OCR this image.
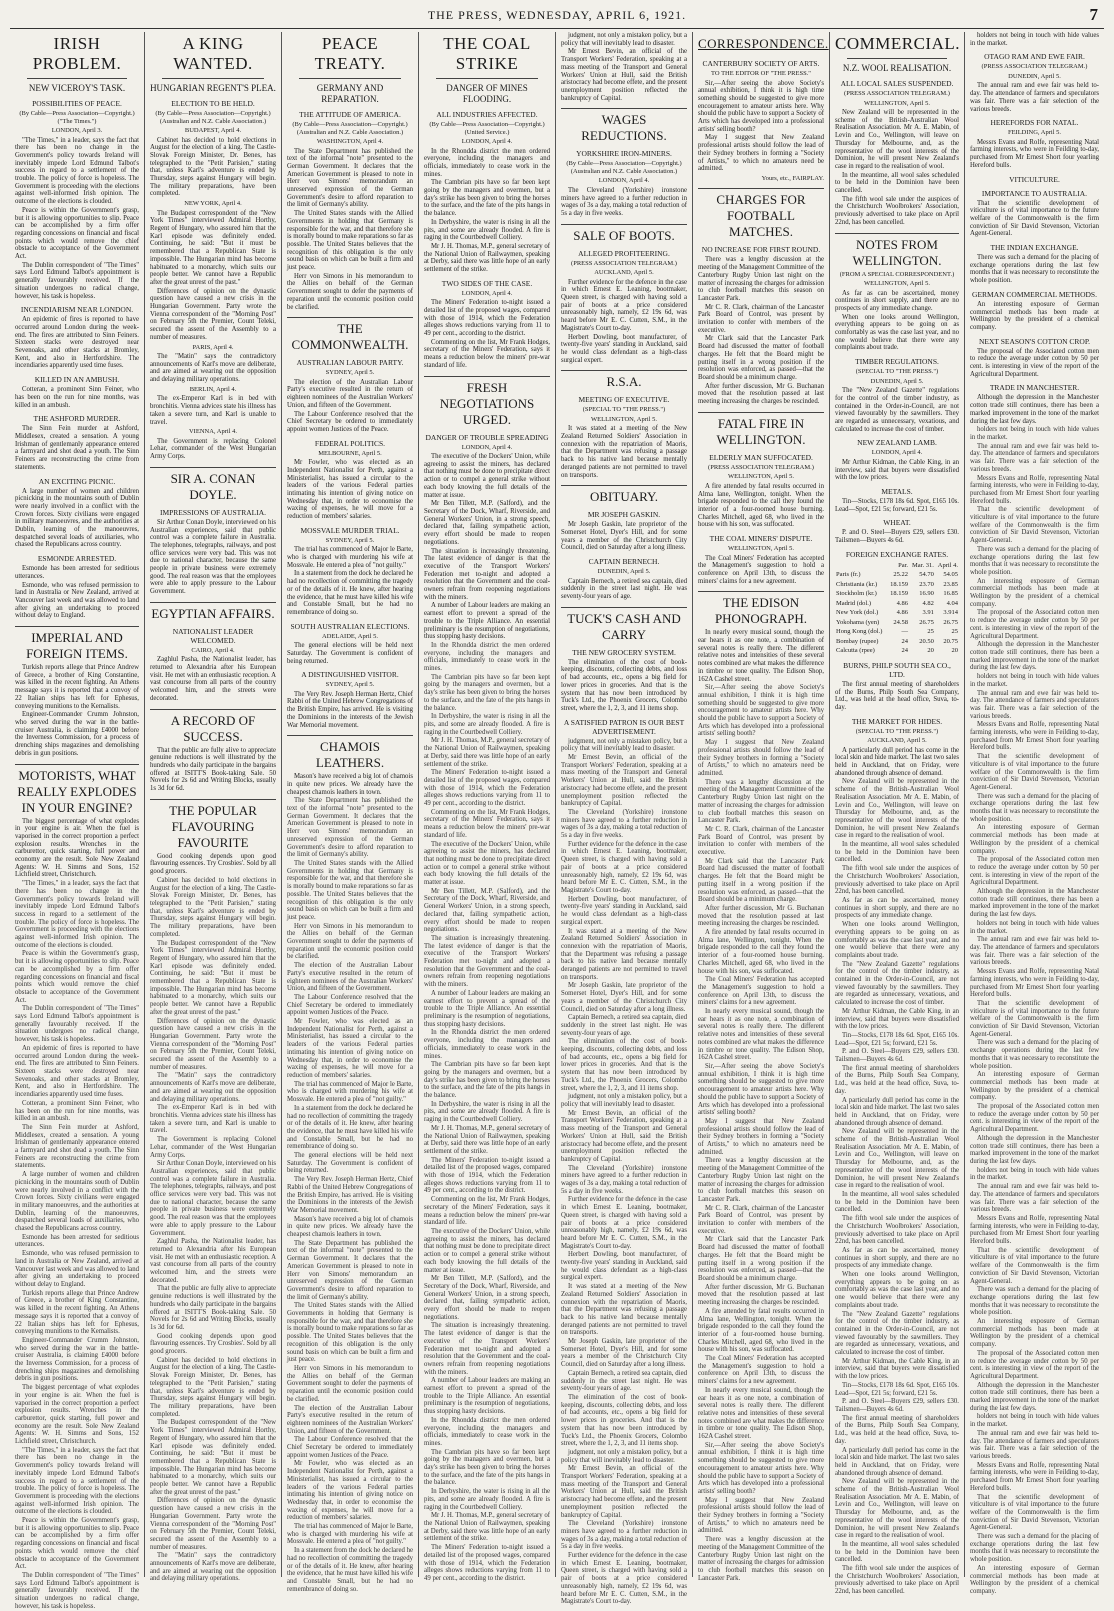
THE PRESS, WEDNESDAY, APRIL 6, 1921.	7
IRISH PROBLEM.
NEW VICEROY'S TASK.
POSSIBILITIES OF PEACE.
(By Cable—Press Association—Copyright.) ("The Times.")
LONDON, April 3.

"The Times," in a leader, says the fact that there has been no change in the Government's policy towards Ireland will inevitably impede Lord Edmund Talbot's success in regard to a settlement of the trouble. The policy of force is hopeless. The Government is proceeding with the elections against well-informed Irish opinion. The outcome of the elections is clouded.

Peace is within the Government's grasp, but it is allowing opportunities to slip. Peace can be accomplished by a firm offer regarding concessions on financial and fiscal points which would remove the chief obstacle to acceptance of the Government Act.

The Dublin correspondent of "The Times" says Lord Edmund Talbot's appointment is generally favourably received. If the situation undergoes no radical change, however, his task is hopeless.

INCENDIARISM NEAR LONDON.

An epidemic of fires is reported to have occurred around London during the week-end. The fires are attributed to Sinn Feiners. Sixteen stacks were destroyed near Sevenoaks, and other stacks at Bromley, Kent, and also in Hertfordshire. The incendiaries apparently used time fuses.

KILLED IN AN AMBUSH.

Cotteran, a prominent Sinn Feiner, who has been on the run for nine months, was killed in an ambush.

THE ASHFORD MURDER.

The Sinn Fein murder at Ashford, Middlesex, created a sensation. A young Irishman of gentlemanly appearance entered a farmyard and shot dead a youth. The Sinn Feiners are reconstructing the crime from statements.

AN EXCITING PICNIC.

A large number of women and children picnicking in the mountains south of Dublin were nearly involved in a conflict with the Crown forces. Sixty civilians were engaged in military manoeuvres, and the authorities at Dublin, learning of the manoeuvres, despatched several loads of auxiliaries, who chased the Republicans across country.

ESMONDE ARRESTED.

Esmonde has been arrested for seditious utterances.

Esmonde, who was refused permission to land in Australia or New Zealand, arrived at Vancouver last week and was allowed to land after giving an undertaking to proceed without delay to England.

IMPERIAL AND FOREIGN ITEMS.

Turkish reports allege that Prince Andrew of Greece, a brother of King Constantine, was killed in the recent fighting. An Athens message says it is reported that a convoy of 22 Italian ships has left for Ephesus, conveying munitions to the Kemalists.

Engineer-Commander Crumm Johnston, who served during the war in the battle-cruiser Australia, is claiming £4000 before the Inverness Commission, for a process of drenching ships magazines and demolishing debris in gun positions.

MOTORISTS, WHAT REALLY EXPLODES IN YOUR ENGINE?

The biggest percentage of what explodes in your engine is air. When the fuel is vaporised in the correct proportion a perfect explosion results. Wrenches in the carburettor, quick starting, full power and economy are the result. Sole New Zealand Agents: W. H. Simms and Sons, 152 Lichfield street, Christchurch.

"The Times," in a leader, says the fact that there has been no change in the Government's policy towards Ireland will inevitably impede Lord Edmund Talbot's success in regard to a settlement of the trouble. The policy of force is hopeless. The Government is proceeding with the elections against well-informed Irish opinion. The outcome of the elections is clouded.

Peace is within the Government's grasp, but it is allowing opportunities to slip. Peace can be accomplished by a firm offer regarding concessions on financial and fiscal points which would remove the chief obstacle to acceptance of the Government Act.

The Dublin correspondent of "The Times" says Lord Edmund Talbot's appointment is generally favourably received. If the situation undergoes no radical change, however, his task is hopeless.

An epidemic of fires is reported to have occurred around London during the week-end. The fires are attributed to Sinn Feiners. Sixteen stacks were destroyed near Sevenoaks, and other stacks at Bromley, Kent, and also in Hertfordshire. The incendiaries apparently used time fuses.

Cotteran, a prominent Sinn Feiner, who has been on the run for nine months, was killed in an ambush.

The Sinn Fein murder at Ashford, Middlesex, created a sensation. A young Irishman of gentlemanly appearance entered a farmyard and shot dead a youth. The Sinn Feiners are reconstructing the crime from statements.

A large number of women and children picnicking in the mountains south of Dublin were nearly involved in a conflict with the Crown forces. Sixty civilians were engaged in military manoeuvres, and the authorities at Dublin, learning of the manoeuvres, despatched several loads of auxiliaries, who chased the Republicans across country.

Esmonde has been arrested for seditious utterances.

Esmonde, who was refused permission to land in Australia or New Zealand, arrived at Vancouver last week and was allowed to land after giving an undertaking to proceed without delay to England.

Turkish reports allege that Prince Andrew of Greece, a brother of King Constantine, was killed in the recent fighting. An Athens message says it is reported that a convoy of 22 Italian ships has left for Ephesus, conveying munitions to the Kemalists.

Engineer-Commander Crumm Johnston, who served during the war in the battle-cruiser Australia, is claiming £4000 before the Inverness Commission, for a process of drenching ships magazines and demolishing debris in gun positions.

The biggest percentage of what explodes in your engine is air. When the fuel is vaporised in the correct proportion a perfect explosion results. Wrenches in the carburettor, quick starting, full power and economy are the result. Sole New Zealand Agents: W. H. Simms and Sons, 152 Lichfield street, Christchurch.

"The Times," in a leader, says the fact that there has been no change in the Government's policy towards Ireland will inevitably impede Lord Edmund Talbot's success in regard to a settlement of the trouble. The policy of force is hopeless. The Government is proceeding with the elections against well-informed Irish opinion. The outcome of the elections is clouded.

Peace is within the Government's grasp, but it is allowing opportunities to slip. Peace can be accomplished by a firm offer regarding concessions on financial and fiscal points which would remove the chief obstacle to acceptance of the Government Act.

The Dublin correspondent of "The Times" says Lord Edmund Talbot's appointment is generally favourably received. If the situation undergoes no radical change, however, his task is hopeless.

A KING WANTED.
HUNGARIAN REGENT'S PLEA.
ELECTION TO BE HELD.
(By Cable—Press Association—Copyright.) (Australian and N.Z. Cable Association.)
BUDAPEST, April 4.

Cabinet has decided to hold elections in August for the election of a king. The Castle-Slovak Foreign Minister, Dr. Benes, has telegraphed to the "Petit Parisien," stating that, unless Karl's adventure is ended by Thursday, steps against Hungary will begin. The military preparations, have been completed.

NEW YORK, April 4.

The Budapest correspondent of the "New York Times" interviewed Admiral Horthy, Regent of Hungary, who assured him that the Karl episode was definitely ended. Continuing, he said: "But it must be remembered that a Republican State is impossible. The Hungarian mind has become habituated to a monarchy, which suits our people better. We cannot have a Republic after the great unrest of the past."

Differences of opinion on the dynastic question have caused a new crisis in the Hungarian Government. Party wrote the Vienna correspondent of the "Morning Post" on February 5th the Premier, Count Teleki, secured the assent of the Assembly to a number of measures.

PARIS, April 4.

The "Matin" says the contradictory announcements of Karl's move are deliberate, and are aimed at wearing out the opposition and delaying military operations.

BERLIN, April 4.

The ex-Emperor Karl is in bed with bronchitis. Vienna advices state his illness has taken a severe turn, and Karl is unable to travel.

VIENNA, April 4.

The Government is replacing Colonel Lehar, commander of the West Hungarian Army Corps.

SIR A. CONAN DOYLE.
IMPRESSIONS OF AUSTRALIA.

Sir Arthur Conan Doyle, interviewed on his Australian experiences, said that public control was a complete failure in Australia. The telephones, telegraphs, railways, and post office services were very bad. This was not due to national character, because the same people in private business were extremely good. The real reason was that the employees were able to apply pressure to the Labour Government.

EGYPTIAN AFFAIRS.
NATIONALIST LEADER WELCOMED.
CAIRO, April 4.

Zaghlul Pasha, the Nationalist leader, has returned to Alexandria after his European visit. He met with an enthusiastic reception. A vast concourse from all parts of the country welcomed him, and the streets were decorated.

A RECORD OF SUCCESS.

That the public are fully alive to appreciate genuine reductions is well illustrated by the hundreds who daily participate in the bargains offered at ISITT'S Book-taking Sale. 50 Novels for 2s 6d and Writing Blocks, usually 1s 3d for 6d.

THE POPULAR FLAVOURING FAVOURITE

Good cooking depends upon good flavouring essences. Try Crosbies'. Sold by all good grocers.

Cabinet has decided to hold elections in August for the election of a king. The Castle-Slovak Foreign Minister, Dr. Benes, has telegraphed to the "Petit Parisien," stating that, unless Karl's adventure is ended by Thursday, steps against Hungary will begin. The military preparations, have been completed.

The Budapest correspondent of the "New York Times" interviewed Admiral Horthy, Regent of Hungary, who assured him that the Karl episode was definitely ended. Continuing, he said: "But it must be remembered that a Republican State is impossible. The Hungarian mind has become habituated to a monarchy, which suits our people better. We cannot have a Republic after the great unrest of the past."

Differences of opinion on the dynastic question have caused a new crisis in the Hungarian Government. Party wrote the Vienna correspondent of the "Morning Post" on February 5th the Premier, Count Teleki, secured the assent of the Assembly to a number of measures.

The "Matin" says the contradictory announcements of Karl's move are deliberate, and are aimed at wearing out the opposition and delaying military operations.

The ex-Emperor Karl is in bed with bronchitis. Vienna advices state his illness has taken a severe turn, and Karl is unable to travel.

The Government is replacing Colonel Lehar, commander of the West Hungarian Army Corps.

Sir Arthur Conan Doyle, interviewed on his Australian experiences, said that public control was a complete failure in Australia. The telephones, telegraphs, railways, and post office services were very bad. This was not due to national character, because the same people in private business were extremely good. The real reason was that the employees were able to apply pressure to the Labour Government.

Zaghlul Pasha, the Nationalist leader, has returned to Alexandria after his European visit. He met with an enthusiastic reception. A vast concourse from all parts of the country welcomed him, and the streets were decorated.

That the public are fully alive to appreciate genuine reductions is well illustrated by the hundreds who daily participate in the bargains offered at ISITT'S Book-taking Sale. 50 Novels for 2s 6d and Writing Blocks, usually 1s 3d for 6d.

Good cooking depends upon good flavouring essences. Try Crosbies'. Sold by all good grocers.

Cabinet has decided to hold elections in August for the election of a king. The Castle-Slovak Foreign Minister, Dr. Benes, has telegraphed to the "Petit Parisien," stating that, unless Karl's adventure is ended by Thursday, steps against Hungary will begin. The military preparations, have been completed.

The Budapest correspondent of the "New York Times" interviewed Admiral Horthy, Regent of Hungary, who assured him that the Karl episode was definitely ended. Continuing, he said: "But it must be remembered that a Republican State is impossible. The Hungarian mind has become habituated to a monarchy, which suits our people better. We cannot have a Republic after the great unrest of the past."

Differences of opinion on the dynastic question have caused a new crisis in the Hungarian Government. Party wrote the Vienna correspondent of the "Morning Post" on February 5th the Premier, Count Teleki, secured the assent of the Assembly to a number of measures.

The "Matin" says the contradictory announcements of Karl's move are deliberate, and are aimed at wearing out the opposition and delaying military operations.

PEACE TREATY.
GERMANY AND REPARATION.
THE ATTITUDE OF AMERICA.
(By Cable—Press Association—Copyright.) (Australian and N.Z. Cable Association.)
WASHINGTON, April 4.

The State Department has published the text of the informal "note" presented to the German Government. It declares that the American Government is pleased to note in Herr von Simons' memorandum an unreserved expression of the German Government's desire to afford reparation to the limit of Germany's ability.

The United States stands with the Allied Governments in holding that Germany is responsible for the war, and that therefore she is morally bound to make reparations so far as possible. The United States believes that the recognition of this obligation is the only sound basis on which can be built a firm and just peace.

Herr von Simons in his memorandum to the Allies on behalf of the German Government sought to defer the payments of reparation until the economic position could be clarified.

THE COMMONWEALTH.
AUSTRALIAN LABOUR PARTY.
SYDNEY, April 5.

The election of the Australian Labour Party's executive resulted in the return of eighteen nominees of the Australian Workers' Union, and fifteen of the Government.

The Labour Conference resolved that the Chief Secretary be ordered to immediately appoint women Justices of the Peace.

FEDERAL POLITICS.
MELBOURNE, April 5.

Mr Fowler, who was elected as an Independent Nationalist for Perth, against a Ministerialist, has issued a circular to the leaders of the various Federal parties intimating his intention of giving notice on Wednesday that, in order to economise the waxing of expenses, he will move for a reduction of members' salaries.

MOSSVALE MURDER TRIAL.
SYDNEY, April 5.

The trial has commenced of Major le Barte, who is charged with murdering his wife at Mossvale. He entered a plea of "not guilty."

In a statement from the dock he declared he had no recollection of committing the tragedy or of the details of it. He knew, after hearing the evidence, that he must have killed his wife and Constable Small, but he had no remembrance of doing so.

SOUTH AUSTRALIAN ELECTIONS.
ADELAIDE, April 5.

The general elections will be held next Saturday. The Government is confident of being returned.

A DISTINGUISHED VISITOR.
SYDNEY, April 5.

The Very Rev. Joseph Herman Hertz, Chief Rabbi of the United Hebrew Congregations of the British Empire, has arrived. He is visiting the Dominions in the interests of the Jewish War Memorial movement.

CHAMOIS LEATHERS.

Mason's have received a big lot of chamois in quite new prices. We already have the cheapest chamois leathers in town.

The State Department has published the text of the informal "note" presented to the German Government. It declares that the American Government is pleased to note in Herr von Simons' memorandum an unreserved expression of the German Government's desire to afford reparation to the limit of Germany's ability.

The United States stands with the Allied Governments in holding that Germany is responsible for the war, and that therefore she is morally bound to make reparations so far as possible. The United States believes that the recognition of this obligation is the only sound basis on which can be built a firm and just peace.

Herr von Simons in his memorandum to the Allies on behalf of the German Government sought to defer the payments of reparation until the economic position could be clarified.

The election of the Australian Labour Party's executive resulted in the return of eighteen nominees of the Australian Workers' Union, and fifteen of the Government.

The Labour Conference resolved that the Chief Secretary be ordered to immediately appoint women Justices of the Peace.

Mr Fowler, who was elected as an Independent Nationalist for Perth, against a Ministerialist, has issued a circular to the leaders of the various Federal parties intimating his intention of giving notice on Wednesday that, in order to economise the waxing of expenses, he will move for a reduction of members' salaries.

The trial has commenced of Major le Barte, who is charged with murdering his wife at Mossvale. He entered a plea of "not guilty."

In a statement from the dock he declared he had no recollection of committing the tragedy or of the details of it. He knew, after hearing the evidence, that he must have killed his wife and Constable Small, but he had no remembrance of doing so.

The general elections will be held next Saturday. The Government is confident of being returned.

The Very Rev. Joseph Herman Hertz, Chief Rabbi of the United Hebrew Congregations of the British Empire, has arrived. He is visiting the Dominions in the interests of the Jewish War Memorial movement.

Mason's have received a big lot of chamois in quite new prices. We already have the cheapest chamois leathers in town.

The State Department has published the text of the informal "note" presented to the German Government. It declares that the American Government is pleased to note in Herr von Simons' memorandum an unreserved expression of the German Government's desire to afford reparation to the limit of Germany's ability.

The United States stands with the Allied Governments in holding that Germany is responsible for the war, and that therefore she is morally bound to make reparations so far as possible. The United States believes that the recognition of this obligation is the only sound basis on which can be built a firm and just peace.

Herr von Simons in his memorandum to the Allies on behalf of the German Government sought to defer the payments of reparation until the economic position could be clarified.

The election of the Australian Labour Party's executive resulted in the return of eighteen nominees of the Australian Workers' Union, and fifteen of the Government.

The Labour Conference resolved that the Chief Secretary be ordered to immediately appoint women Justices of the Peace.

Mr Fowler, who was elected as an Independent Nationalist for Perth, against a Ministerialist, has issued a circular to the leaders of the various Federal parties intimating his intention of giving notice on Wednesday that, in order to economise the waxing of expenses, he will move for a reduction of members' salaries.

The trial has commenced of Major le Barte, who is charged with murdering his wife at Mossvale. He entered a plea of "not guilty."

In a statement from the dock he declared he had no recollection of committing the tragedy or of the details of it. He knew, after hearing the evidence, that he must have killed his wife and Constable Small, but he had no remembrance of doing so.

THE COAL STRIKE
DANGER OF MINES FLOODING.
ALL INDUSTRIES AFFECTED.
(By Cable—Press Association—Copyright.) (United Service.)
LONDON, April 4.

In the Rhondda district the men ordered everyone, including the managers and officials, immediately to cease work in the mines.

The Cambrian pits have so far been kept going by the managers and overmen, but a day's strike has been given to bring the horses to the surface, and the fate of the pits hangs in the balance.

In Derbyshire, the water is rising in all the pits, and some are already flooded. A fire is raging in the Courtbedwell Colliery.

Mr J. H. Thomas, M.P., general secretary of the National Union of Railwaymen, speaking at Derby, said there was little hope of an early settlement of the strike.

TWO SIDES OF THE CASE.
LONDON, April 4.

The Miners' Federation to-night issued a detailed list of the proposed wages, compared with those of 1914, which the Federation alleges shows reductions varying from 11 to 49 per cent., according to the district.

Commenting on the list, Mr Frank Hodges, secretary of the Miners' Federation, says it means a reduction below the miners' pre-war standard of life.

FRESH NEGOTIATIONS URGED.
DANGER OF TROUBLE SPREADING
LONDON, April 4.

The executive of the Dockers' Union, while agreeing to assist the miners, has declared that nothing must be done to precipitate direct action or to compel a general strike without each body knowing the full details of the matter at issue.

Mr Ben Tillett, M.P. (Salford), and the Secretary of the Dock, Wharf, Riverside, and General Workers' Union, in a strong speech, declared that, failing sympathetic action, every effort should be made to reopen negotiations.

The situation is increasingly threatening. The latest evidence of danger is that the executive of the Transport Workers' Federation met to-night and adopted a resolution that the Government and the coal-owners refrain from reopening negotiations with the miners.

A number of Labour leaders are making an earnest effort to prevent a spread of the trouble to the Triple Alliance. An essential preliminary is the resumption of negotiations, thus stopping hasty decisions.

In the Rhondda district the men ordered everyone, including the managers and officials, immediately to cease work in the mines.

The Cambrian pits have so far been kept going by the managers and overmen, but a day's strike has been given to bring the horses to the surface, and the fate of the pits hangs in the balance.

In Derbyshire, the water is rising in all the pits, and some are already flooded. A fire is raging in the Courtbedwell Colliery.

Mr J. H. Thomas, M.P., general secretary of the National Union of Railwaymen, speaking at Derby, said there was little hope of an early settlement of the strike.

The Miners' Federation to-night issued a detailed list of the proposed wages, compared with those of 1914, which the Federation alleges shows reductions varying from 11 to 49 per cent., according to the district.

Commenting on the list, Mr Frank Hodges, secretary of the Miners' Federation, says it means a reduction below the miners' pre-war standard of life.

The executive of the Dockers' Union, while agreeing to assist the miners, has declared that nothing must be done to precipitate direct action or to compel a general strike without each body knowing the full details of the matter at issue.

Mr Ben Tillett, M.P. (Salford), and the Secretary of the Dock, Wharf, Riverside, and General Workers' Union, in a strong speech, declared that, failing sympathetic action, every effort should be made to reopen negotiations.

The situation is increasingly threatening. The latest evidence of danger is that the executive of the Transport Workers' Federation met to-night and adopted a resolution that the Government and the coal-owners refrain from reopening negotiations with the miners.

A number of Labour leaders are making an earnest effort to prevent a spread of the trouble to the Triple Alliance. An essential preliminary is the resumption of negotiations, thus stopping hasty decisions.

In the Rhondda district the men ordered everyone, including the managers and officials, immediately to cease work in the mines.

The Cambrian pits have so far been kept going by the managers and overmen, but a day's strike has been given to bring the horses to the surface, and the fate of the pits hangs in the balance.

In Derbyshire, the water is rising in all the pits, and some are already flooded. A fire is raging in the Courtbedwell Colliery.

Mr J. H. Thomas, M.P., general secretary of the National Union of Railwaymen, speaking at Derby, said there was little hope of an early settlement of the strike.

The Miners' Federation to-night issued a detailed list of the proposed wages, compared with those of 1914, which the Federation alleges shows reductions varying from 11 to 49 per cent., according to the district.

Commenting on the list, Mr Frank Hodges, secretary of the Miners' Federation, says it means a reduction below the miners' pre-war standard of life.

The executive of the Dockers' Union, while agreeing to assist the miners, has declared that nothing must be done to precipitate direct action or to compel a general strike without each body knowing the full details of the matter at issue.

Mr Ben Tillett, M.P. (Salford), and the Secretary of the Dock, Wharf, Riverside, and General Workers' Union, in a strong speech, declared that, failing sympathetic action, every effort should be made to reopen negotiations.

The situation is increasingly threatening. The latest evidence of danger is that the executive of the Transport Workers' Federation met to-night and adopted a resolution that the Government and the coal-owners refrain from reopening negotiations with the miners.

A number of Labour leaders are making an earnest effort to prevent a spread of the trouble to the Triple Alliance. An essential preliminary is the resumption of negotiations, thus stopping hasty decisions.

In the Rhondda district the men ordered everyone, including the managers and officials, immediately to cease work in the mines.

The Cambrian pits have so far been kept going by the managers and overmen, but a day's strike has been given to bring the horses to the surface, and the fate of the pits hangs in the balance.

In Derbyshire, the water is rising in all the pits, and some are already flooded. A fire is raging in the Courtbedwell Colliery.

Mr J. H. Thomas, M.P., general secretary of the National Union of Railwaymen, speaking at Derby, said there was little hope of an early settlement of the strike.

The Miners' Federation to-night issued a detailed list of the proposed wages, compared with those of 1914, which the Federation alleges shows reductions varying from 11 to 49 per cent., according to the district.

judgment, not only a mistaken policy, but a policy that will inevitably lead to disaster.

Mr Ernest Bevin, an official of the Transport Workers' Federation, speaking at a mass meeting of the Transport and General Workers' Union at Hull, said the British aristocracy had become effete, and the present unemployment position reflected the bankruptcy of Capital.

WAGES REDUCTIONS.
YORKSHIRE IRON-MINERS.
(By Cable—Press Association—Copyright.) (Australian and N.Z. Cable Association.)
LONDON, April 4.

The Cleveland (Yorkshire) ironstone miners have agreed to a further reduction in wages of 3s a day, making a total reduction of 5s a day in five weeks.

SALE OF BOOTS.
ALLEGED PROFITEERING.
(PRESS ASSOCIATION TELEGRAM.)
AUCKLAND, April 5.

Further evidence for the defence in the case in which Ernest E. Leaning, bootmaker, Queen street, is charged with having sold a pair of boots at a price considered unreasonably high, namely, £2 19s 6d, was heard before Mr E. C. Cutten, S.M., in the Magistrate's Court to-day.

Herbert Dowling, boot manufacturer, of twenty-five years' standing in Auckland, said he would class defendant as a high-class surgical expert.

R.S.A.
MEETING OF EXECUTIVE.
(SPECIAL TO "THE PRESS.")
WELLINGTON, April 5.

It was stated at a meeting of the New Zealand Returned Soldiers' Association in connexion with the repatriation of Maoris, that the Department was refusing a passage back to his native land because mentally deranged patients are not permitted to travel on transports.

OBITUARY.
MR JOSEPH GASKIN.

Mr Joseph Gaskin, late proprietor of the Somerset Hotel, Dyer's Hill, and for some years a member of the Christchurch City Council, died on Saturday after a long illness.

CAPTAIN BERNECH.
DUNEDIN, April 5.

Captain Bernech, a retired sea captain, died suddenly in the street last night. He was seventy-four years of age.

TUCK'S CASH AND CARRY
THE NEW GROCERY SYSTEM.

The elimination of the cost of book-keeping, discounts, collecting debts, and loss of bad accounts, etc., opens a big field for lower prices in groceries. And that is the system that has now been introduced by Tuck's Ltd., the Phoenix Grocers, Colombo street, where the 1, 2, 3, and 11 items shop.

A SATISFIED PATRON IS OUR BEST ADVERTISEMENT.

judgment, not only a mistaken policy, but a policy that will inevitably lead to disaster.

Mr Ernest Bevin, an official of the Transport Workers' Federation, speaking at a mass meeting of the Transport and General Workers' Union at Hull, said the British aristocracy had become effete, and the present unemployment position reflected the bankruptcy of Capital.

The Cleveland (Yorkshire) ironstone miners have agreed to a further reduction in wages of 3s a day, making a total reduction of 5s a day in five weeks.

Further evidence for the defence in the case in which Ernest E. Leaning, bootmaker, Queen street, is charged with having sold a pair of boots at a price considered unreasonably high, namely, £2 19s 6d, was heard before Mr E. C. Cutten, S.M., in the Magistrate's Court to-day.

Herbert Dowling, boot manufacturer, of twenty-five years' standing in Auckland, said he would class defendant as a high-class surgical expert.

It was stated at a meeting of the New Zealand Returned Soldiers' Association in connexion with the repatriation of Maoris, that the Department was refusing a passage back to his native land because mentally deranged patients are not permitted to travel on transports.

Mr Joseph Gaskin, late proprietor of the Somerset Hotel, Dyer's Hill, and for some years a member of the Christchurch City Council, died on Saturday after a long illness.

Captain Bernech, a retired sea captain, died suddenly in the street last night. He was seventy-four years of age.

The elimination of the cost of book-keeping, discounts, collecting debts, and loss of bad accounts, etc., opens a big field for lower prices in groceries. And that is the system that has now been introduced by Tuck's Ltd., the Phoenix Grocers, Colombo street, where the 1, 2, 3, and 11 items shop.

judgment, not only a mistaken policy, but a policy that will inevitably lead to disaster.

Mr Ernest Bevin, an official of the Transport Workers' Federation, speaking at a mass meeting of the Transport and General Workers' Union at Hull, said the British aristocracy had become effete, and the present unemployment position reflected the bankruptcy of Capital.

The Cleveland (Yorkshire) ironstone miners have agreed to a further reduction in wages of 3s a day, making a total reduction of 5s a day in five weeks.

Further evidence for the defence in the case in which Ernest E. Leaning, bootmaker, Queen street, is charged with having sold a pair of boots at a price considered unreasonably high, namely, £2 19s 6d, was heard before Mr E. C. Cutten, S.M., in the Magistrate's Court to-day.

Herbert Dowling, boot manufacturer, of twenty-five years' standing in Auckland, said he would class defendant as a high-class surgical expert.

It was stated at a meeting of the New Zealand Returned Soldiers' Association in connexion with the repatriation of Maoris, that the Department was refusing a passage back to his native land because mentally deranged patients are not permitted to travel on transports.

Mr Joseph Gaskin, late proprietor of the Somerset Hotel, Dyer's Hill, and for some years a member of the Christchurch City Council, died on Saturday after a long illness.

Captain Bernech, a retired sea captain, died suddenly in the street last night. He was seventy-four years of age.

The elimination of the cost of book-keeping, discounts, collecting debts, and loss of bad accounts, etc., opens a big field for lower prices in groceries. And that is the system that has now been introduced by Tuck's Ltd., the Phoenix Grocers, Colombo street, where the 1, 2, 3, and 11 items shop.

judgment, not only a mistaken policy, but a policy that will inevitably lead to disaster.

Mr Ernest Bevin, an official of the Transport Workers' Federation, speaking at a mass meeting of the Transport and General Workers' Union at Hull, said the British aristocracy had become effete, and the present unemployment position reflected the bankruptcy of Capital.

The Cleveland (Yorkshire) ironstone miners have agreed to a further reduction in wages of 3s a day, making a total reduction of 5s a day in five weeks.

Further evidence for the defence in the case in which Ernest E. Leaning, bootmaker, Queen street, is charged with having sold a pair of boots at a price considered unreasonably high, namely, £2 19s 6d, was heard before Mr E. C. Cutten, S.M., in the Magistrate's Court to-day.

CORRESPONDENCE.
CANTERBURY SOCIETY OF ARTS.
TO THE EDITOR OF "THE PRESS."

Sir,—After seeing the above Society's annual exhibition, I think it is high time something should be suggested to give more encouragement to amateur artists here. Why should the public have to support a Society of Arts which has developed into a professional artists' selling booth?

May I suggest that New Zealand professional artists should follow the lead of their Sydney brothers in forming a "Society of Artists," to which no amateurs need be admitted.

Yours, etc., FAIRPLAY.
CHARGES FOR FOOTBALL MATCHES.
NO INCREASE FOR FIRST ROUND.

There was a lengthy discussion at the meeting of the Management Committee of the Canterbury Rugby Union last night on the matter of increasing the charges for admission to club football matches this season on Lancaster Park.

Mr C. R. Clark, chairman of the Lancaster Park Board of Control, was present by invitation to confer with members of the executive.

Mr Clark said that the Lancaster Park Board had discussed the matter of football charges. He felt that the Board might be putting itself in a wrong position if the resolution was enforced, as passed—that the Board should be a minimum charge.

After further discussion, Mr G. Buchanan moved that the resolution passed at last meeting increasing the charges be rescinded.

FATAL FIRE IN WELLINGTON.
ELDERLY MAN SUFFOCATED.
(PRESS ASSOCIATION TELEGRAM.)
WELLINGTON, April 5.

A fire attended by fatal results occurred in Alma lane, Wellington, tonight. When the brigade responded to the call they found the interior of a four-roomed house burning. Charles Mitchell, aged 68, who lived in the house with his son, was suffocated.

THE COAL MINERS' DISPUTE.
WELLINGTON, April 5.

The Coal Miners' Federation has accepted the Management's suggestion to hold a conference on April 13th, to discuss the miners' claims for a new agreement.

THE EDISON PHONOGRAPH.

In nearly every musical sound, though the ear hears it as one note, a combination of several notes is really there. The different relative notes and intensities of these several notes combined are what makes the difference in timbre or tone quality. The Edison Shop, 162A Cashel street.

Sir,—After seeing the above Society's annual exhibition, I think it is high time something should be suggested to give more encouragement to amateur artists here. Why should the public have to support a Society of Arts which has developed into a professional artists' selling booth?

May I suggest that New Zealand professional artists should follow the lead of their Sydney brothers in forming a "Society of Artists," to which no amateurs need be admitted.

There was a lengthy discussion at the meeting of the Management Committee of the Canterbury Rugby Union last night on the matter of increasing the charges for admission to club football matches this season on Lancaster Park.

Mr C. R. Clark, chairman of the Lancaster Park Board of Control, was present by invitation to confer with members of the executive.

Mr Clark said that the Lancaster Park Board had discussed the matter of football charges. He felt that the Board might be putting itself in a wrong position if the resolution was enforced, as passed—that the Board should be a minimum charge.

After further discussion, Mr G. Buchanan moved that the resolution passed at last meeting increasing the charges be rescinded.

A fire attended by fatal results occurred in Alma lane, Wellington, tonight. When the brigade responded to the call they found the interior of a four-roomed house burning. Charles Mitchell, aged 68, who lived in the house with his son, was suffocated.

The Coal Miners' Federation has accepted the Management's suggestion to hold a conference on April 13th, to discuss the miners' claims for a new agreement.

In nearly every musical sound, though the ear hears it as one note, a combination of several notes is really there. The different relative notes and intensities of these several notes combined are what makes the difference in timbre or tone quality. The Edison Shop, 162A Cashel street.

Sir,—After seeing the above Society's annual exhibition, I think it is high time something should be suggested to give more encouragement to amateur artists here. Why should the public have to support a Society of Arts which has developed into a professional artists' selling booth?

May I suggest that New Zealand professional artists should follow the lead of their Sydney brothers in forming a "Society of Artists," to which no amateurs need be admitted.

There was a lengthy discussion at the meeting of the Management Committee of the Canterbury Rugby Union last night on the matter of increasing the charges for admission to club football matches this season on Lancaster Park.

Mr C. R. Clark, chairman of the Lancaster Park Board of Control, was present by invitation to confer with members of the executive.

Mr Clark said that the Lancaster Park Board had discussed the matter of football charges. He felt that the Board might be putting itself in a wrong position if the resolution was enforced, as passed—that the Board should be a minimum charge.

After further discussion, Mr G. Buchanan moved that the resolution passed at last meeting increasing the charges be rescinded.

A fire attended by fatal results occurred in Alma lane, Wellington, tonight. When the brigade responded to the call they found the interior of a four-roomed house burning. Charles Mitchell, aged 68, who lived in the house with his son, was suffocated.

The Coal Miners' Federation has accepted the Management's suggestion to hold a conference on April 13th, to discuss the miners' claims for a new agreement.

In nearly every musical sound, though the ear hears it as one note, a combination of several notes is really there. The different relative notes and intensities of these several notes combined are what makes the difference in timbre or tone quality. The Edison Shop, 162A Cashel street.

Sir,—After seeing the above Society's annual exhibition, I think it is high time something should be suggested to give more encouragement to amateur artists here. Why should the public have to support a Society of Arts which has developed into a professional artists' selling booth?

May I suggest that New Zealand professional artists should follow the lead of their Sydney brothers in forming a "Society of Artists," to which no amateurs need be admitted.

There was a lengthy discussion at the meeting of the Management Committee of the Canterbury Rugby Union last night on the matter of increasing the charges for admission to club football matches this season on Lancaster Park.

COMMERCIAL.
N.Z. WOOL REALISATION.
ALL LOCAL SALES SUSPENDED.
(PRESS ASSOCIATION TELEGRAM.)
WELLINGTON, April 5.

New Zealand will be represented in the scheme of the British-Australian Wool Realisation Association. Mr A. E. Mabin, of Levin and Co., Wellington, will leave on Thursday for Melbourne, and, as the representative of the wool interests of the Dominion, he will present New Zealand's case in regard to the realisation of wool.

In the meantime, all wool sales scheduled to be held in the Dominion have been cancelled.

The fifth wool sale under the auspices of the Christchurch Woolbrokers' Association, previously advertised to take place on April 22nd, has been cancelled.

NOTES FROM WELLINGTON.
(FROM A SPECIAL CORRESPONDENT.)
WELLINGTON, April 5.

As far as can be ascertained, money continues in short supply, and there are no prospects of any immediate change.

When one looks around Wellington, everything appears to be going on as comfortably as was the case last year, and no one would believe that there were any complaints about trade.

TIMBER REGULATIONS.
(SPECIAL TO "THE PRESS.")
DUNEDIN, April 5.

The "New Zealand Gazette" regulations for the control of the timber industry, as contained in the Order-in-Council, are not viewed favourably by the sawmillers. They are regarded as unnecessary, vexatious, and calculated to increase the cost of timber.

NEW ZEALAND LAMB.
LONDON, April 4.

Mr Arthur Kidman, the Cable King, in an interview, said that buyers were dissatisfied with the low prices.

METALS.

Tin—Stocks, £178 18s 6d. Spot, £165 10s. Lead—Spot, £21 5s; forward, £21 5s.

WHEAT.

P. and O. Steel—Buyers £29, sellers £30. Tailsmen—Buyers 4s 6d.

FOREIGN EXCHANGE RATES.
	Par.	Mar. 31.	April 4.
Paris (fr.)	25.22	54.70	54.05
Christiania (kr.)	18.159	23.70	23.85
Stockholm (kr.)	18.159	16.90	16.85
Madrid (dol.)	4.86	4.82	4.04
New York (dol.)	4.86	3.91	3.914
Yokohama (yen)	24.58	26.75	26.75
Hong Kong (dol.)	—	25	25
Bombay (rupee)	24	20.50	20.75
Calcutta (rpee)	24	20	20
BURNS, PHILP SOUTH SEA CO., LTD.

The first annual meeting of shareholders of the Burns, Philp South Sea Company, Ltd., was held at the head office, Suva, to-day.

THE MARKET FOR HIDES.
(SPECIAL TO "THE PRESS.")
AUCKLAND, April 5.

A particularly dull period has come in the local skin and hide market. The last two sales held in Auckland, that on Friday, were abandoned through absence of demand.

New Zealand will be represented in the scheme of the British-Australian Wool Realisation Association. Mr A. E. Mabin, of Levin and Co., Wellington, will leave on Thursday for Melbourne, and, as the representative of the wool interests of the Dominion, he will present New Zealand's case in regard to the realisation of wool.

In the meantime, all wool sales scheduled to be held in the Dominion have been cancelled.

The fifth wool sale under the auspices of the Christchurch Woolbrokers' Association, previously advertised to take place on April 22nd, has been cancelled.

As far as can be ascertained, money continues in short supply, and there are no prospects of any immediate change.

When one looks around Wellington, everything appears to be going on as comfortably as was the case last year, and no one would believe that there were any complaints about trade.

The "New Zealand Gazette" regulations for the control of the timber industry, as contained in the Order-in-Council, are not viewed favourably by the sawmillers. They are regarded as unnecessary, vexatious, and calculated to increase the cost of timber.

Mr Arthur Kidman, the Cable King, in an interview, said that buyers were dissatisfied with the low prices.

Tin—Stocks, £178 18s 6d. Spot, £165 10s. Lead—Spot, £21 5s; forward, £21 5s.

P. and O. Steel—Buyers £29, sellers £30. Tailsmen—Buyers 4s 6d.

The first annual meeting of shareholders of the Burns, Philp South Sea Company, Ltd., was held at the head office, Suva, to-day.

A particularly dull period has come in the local skin and hide market. The last two sales held in Auckland, that on Friday, were abandoned through absence of demand.

New Zealand will be represented in the scheme of the British-Australian Wool Realisation Association. Mr A. E. Mabin, of Levin and Co., Wellington, will leave on Thursday for Melbourne, and, as the representative of the wool interests of the Dominion, he will present New Zealand's case in regard to the realisation of wool.

In the meantime, all wool sales scheduled to be held in the Dominion have been cancelled.

The fifth wool sale under the auspices of the Christchurch Woolbrokers' Association, previously advertised to take place on April 22nd, has been cancelled.

As far as can be ascertained, money continues in short supply, and there are no prospects of any immediate change.

When one looks around Wellington, everything appears to be going on as comfortably as was the case last year, and no one would believe that there were any complaints about trade.

The "New Zealand Gazette" regulations for the control of the timber industry, as contained in the Order-in-Council, are not viewed favourably by the sawmillers. They are regarded as unnecessary, vexatious, and calculated to increase the cost of timber.

Mr Arthur Kidman, the Cable King, in an interview, said that buyers were dissatisfied with the low prices.

Tin—Stocks, £178 18s 6d. Spot, £165 10s. Lead—Spot, £21 5s; forward, £21 5s.

P. and O. Steel—Buyers £29, sellers £30. Tailsmen—Buyers 4s 6d.

The first annual meeting of shareholders of the Burns, Philp South Sea Company, Ltd., was held at the head office, Suva, to-day.

A particularly dull period has come in the local skin and hide market. The last two sales held in Auckland, that on Friday, were abandoned through absence of demand.

New Zealand will be represented in the scheme of the British-Australian Wool Realisation Association. Mr A. E. Mabin, of Levin and Co., Wellington, will leave on Thursday for Melbourne, and, as the representative of the wool interests of the Dominion, he will present New Zealand's case in regard to the realisation of wool.

In the meantime, all wool sales scheduled to be held in the Dominion have been cancelled.

The fifth wool sale under the auspices of the Christchurch Woolbrokers' Association, previously advertised to take place on April 22nd, has been cancelled.

holders not being in touch with hide values in the market.

OTAGO RAM AND EWE FAIR.
(PRESS ASSOCIATION TELEGRAM.)
DUNEDIN, April 5.

The annual ram and ewe fair was held to-day. The attendance of farmers and speculators was fair. There was a fair selection of the various breeds.

HEREFORDS FOR NATAL.
FEILDING, April 5.

Messrs Evans and Rolfe, representing Natal farming interests, who were in Feilding to-day, purchased from Mr Ernest Short four yearling Hereford bulls.

VITICULTURE.
IMPORTANCE TO AUSTRALIA.

That the scientific development of viticulture is of vital importance to the future welfare of the Commonwealth is the firm conviction of Sir David Stevenson, Victorian Agent-General.

THE INDIAN EXCHANGE.

There was such a demand for the placing of exchange operations during the last few months that it was necessary to reconstitute the whole position.

GERMAN COMMERCIAL METHODS.

An interesting exposure of German commercial methods has been made at Wellington by the president of a chemical company.

NEXT SEASON'S COTTON CROP.

The proposal of the Associated cotton men to reduce the average under cotton by 50 per cent. is interesting in view of the report of the Agricultural Department.

TRADE IN MANCHESTER.

Although the depression in the Manchester cotton trade still continues, there has been a marked improvement in the tone of the market during the last few days.

holders not being in touch with hide values in the market.

The annual ram and ewe fair was held to-day. The attendance of farmers and speculators was fair. There was a fair selection of the various breeds.

Messrs Evans and Rolfe, representing Natal farming interests, who were in Feilding to-day, purchased from Mr Ernest Short four yearling Hereford bulls.

That the scientific development of viticulture is of vital importance to the future welfare of the Commonwealth is the firm conviction of Sir David Stevenson, Victorian Agent-General.

There was such a demand for the placing of exchange operations during the last few months that it was necessary to reconstitute the whole position.

An interesting exposure of German commercial methods has been made at Wellington by the president of a chemical company.

The proposal of the Associated cotton men to reduce the average under cotton by 50 per cent. is interesting in view of the report of the Agricultural Department.

Although the depression in the Manchester cotton trade still continues, there has been a marked improvement in the tone of the market during the last few days.

holders not being in touch with hide values in the market.

The annual ram and ewe fair was held to-day. The attendance of farmers and speculators was fair. There was a fair selection of the various breeds.

Messrs Evans and Rolfe, representing Natal farming interests, who were in Feilding to-day, purchased from Mr Ernest Short four yearling Hereford bulls.

That the scientific development of viticulture is of vital importance to the future welfare of the Commonwealth is the firm conviction of Sir David Stevenson, Victorian Agent-General.

There was such a demand for the placing of exchange operations during the last few months that it was necessary to reconstitute the whole position.

An interesting exposure of German commercial methods has been made at Wellington by the president of a chemical company.

The proposal of the Associated cotton men to reduce the average under cotton by 50 per cent. is interesting in view of the report of the Agricultural Department.

Although the depression in the Manchester cotton trade still continues, there has been a marked improvement in the tone of the market during the last few days.

holders not being in touch with hide values in the market.

The annual ram and ewe fair was held to-day. The attendance of farmers and speculators was fair. There was a fair selection of the various breeds.

Messrs Evans and Rolfe, representing Natal farming interests, who were in Feilding to-day, purchased from Mr Ernest Short four yearling Hereford bulls.

That the scientific development of viticulture is of vital importance to the future welfare of the Commonwealth is the firm conviction of Sir David Stevenson, Victorian Agent-General.

There was such a demand for the placing of exchange operations during the last few months that it was necessary to reconstitute the whole position.

An interesting exposure of German commercial methods has been made at Wellington by the president of a chemical company.

The proposal of the Associated cotton men to reduce the average under cotton by 50 per cent. is interesting in view of the report of the Agricultural Department.

Although the depression in the Manchester cotton trade still continues, there has been a marked improvement in the tone of the market during the last few days.

holders not being in touch with hide values in the market.

The annual ram and ewe fair was held to-day. The attendance of farmers and speculators was fair. There was a fair selection of the various breeds.

Messrs Evans and Rolfe, representing Natal farming interests, who were in Feilding to-day, purchased from Mr Ernest Short four yearling Hereford bulls.

That the scientific development of viticulture is of vital importance to the future welfare of the Commonwealth is the firm conviction of Sir David Stevenson, Victorian Agent-General.

There was such a demand for the placing of exchange operations during the last few months that it was necessary to reconstitute the whole position.

An interesting exposure of German commercial methods has been made at Wellington by the president of a chemical company.

The proposal of the Associated cotton men to reduce the average under cotton by 50 per cent. is interesting in view of the report of the Agricultural Department.

Although the depression in the Manchester cotton trade still continues, there has been a marked improvement in the tone of the market during the last few days.

holders not being in touch with hide values in the market.

The annual ram and ewe fair was held to-day. The attendance of farmers and speculators was fair. There was a fair selection of the various breeds.

Messrs Evans and Rolfe, representing Natal farming interests, who were in Feilding to-day, purchased from Mr Ernest Short four yearling Hereford bulls.

That the scientific development of viticulture is of vital importance to the future welfare of the Commonwealth is the firm conviction of Sir David Stevenson, Victorian Agent-General.

There was such a demand for the placing of exchange operations during the last few months that it was necessary to reconstitute the whole position.

An interesting exposure of German commercial methods has been made at Wellington by the president of a chemical company.
